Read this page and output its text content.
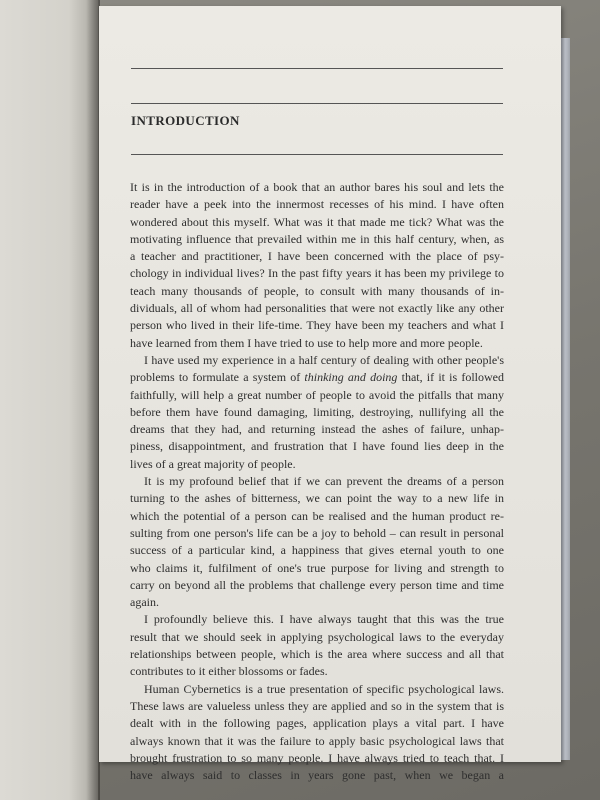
INTRODUCTION

It is in the introduction of a book that an author bares his soul and lets the

reader have a peek into the innermost recesses of his mind. I have often

wondered about this myself. What was it that made me tick? What was the

motivating influence that prevailed within me in this half century, when, as

a teacher and practitioner, I have been concerned with the place of psy-

chology in individual lives? In the past fifty years it has been my privilege to

teach many thousands of people, to consult with many thousands of in-

dividuals, all of whom had personalities that were not exactly like any other

person who lived in their life-time. They have been my teachers and what I

have learned from them I have tried to use to help more and more people.

I have used my experience in a half century of dealing with other people's

problems to formulate a system of thinking and doing that, if it is followed

faithfully, will help a great number of people to avoid the pitfalls that many

before them have found damaging, limiting, destroying, nullifying all the

dreams that they had, and returning instead the ashes of failure, unhap-

piness, disappointment, and frustration that I have found lies deep in the

lives of a great majority of people.

It is my profound belief that if we can prevent the dreams of a person

turning to the ashes of bitterness, we can point the way to a new life in

which the potential of a person can be realised and the human product re-

sulting from one person's life can be a joy to behold – can result in personal

success of a particular kind, a happiness that gives eternal youth to one

who claims it, fulfilment of one's true purpose for living and strength to

carry on beyond all the problems that challenge every person time and time

again.

I profoundly believe this. I have always taught that this was the true

result that we should seek in applying psychological laws to the everyday

relationships between people, which is the area where success and all that

contributes to it either blossoms or fades.

Human Cybernetics is a true presentation of specific psychological laws.

These laws are valueless unless they are applied and so in the system that is

dealt with in the following pages, application plays a vital part. I have

always known that it was the failure to apply basic psychological laws that

brought frustration to so many people. I have always tried to teach that. I

have always said to classes in years gone past, when we began a
